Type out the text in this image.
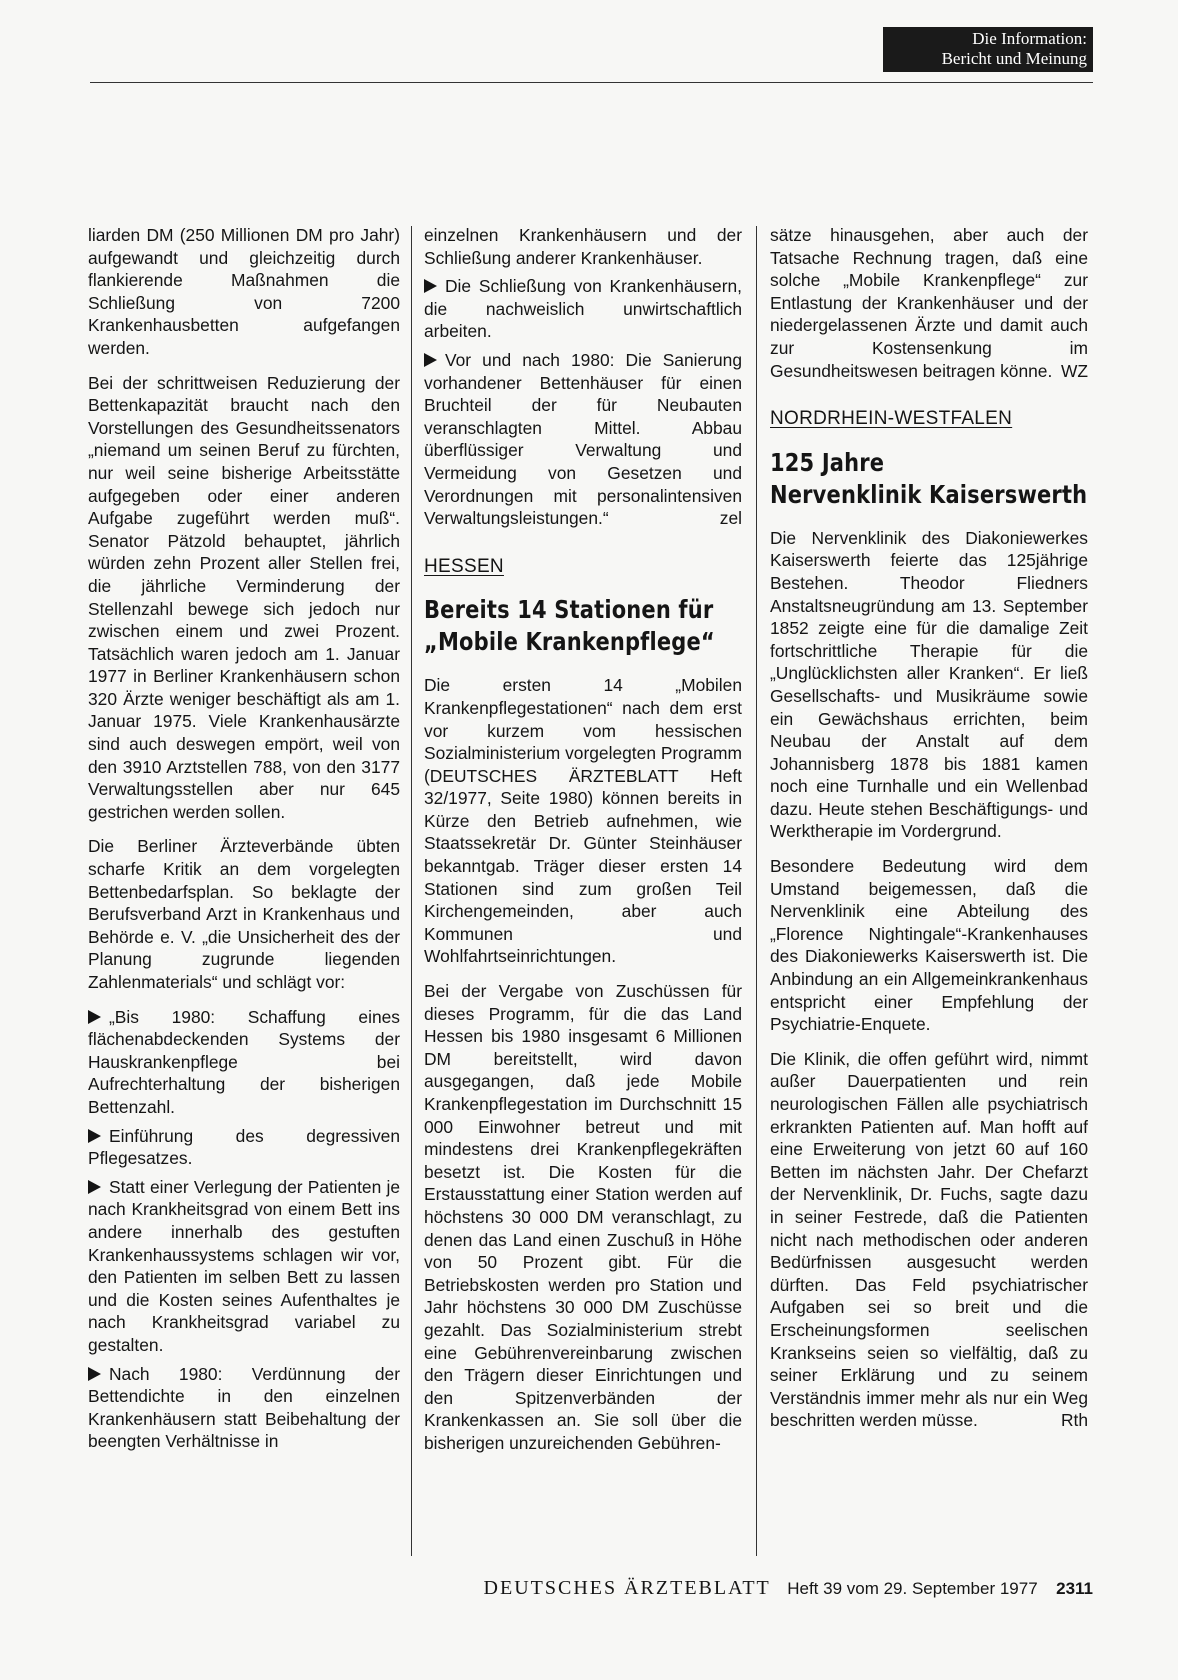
Die Information:
Bericht und Meinung

liarden DM (250 Millionen DM pro Jahr) aufgewandt und gleichzeitig durch flankierende Maßnahmen die Schließung von 7200 Krankenhausbetten aufgefangen werden.

Bei der schrittweisen Reduzierung der Bettenkapazität braucht nach den Vorstellungen des Gesundheitssenators „niemand um seinen Beruf zu fürchten, nur weil seine bisherige Arbeitsstätte aufgegeben oder einer anderen Aufgabe zugeführt werden muß“. Senator Pätzold behauptet, jährlich würden zehn Prozent aller Stellen frei, die jährliche Verminderung der Stellenzahl bewege sich jedoch nur zwischen einem und zwei Prozent. Tatsächlich waren jedoch am 1. Januar 1977 in Berliner Krankenhäusern schon 320 Ärzte weniger beschäftigt als am 1. Januar 1975. Viele Krankenhausärzte sind auch deswegen empört, weil von den 3910 Arztstellen 788, von den 3177 Verwaltungsstellen aber nur 645 gestrichen werden sollen.

Die Berliner Ärzteverbände übten scharfe Kritik an dem vorgelegten Bettenbedarfsplan. So beklagte der Berufsverband Arzt in Krankenhaus und Behörde e. V. „die Unsicherheit des der Planung zugrunde liegenden Zahlenmaterials“ und schlägt vor:

„Bis 1980: Schaffung eines flächenabdeckenden Systems der Hauskrankenpflege bei Aufrechterhaltung der bisherigen Bettenzahl.

Einführung des degressiven Pflegesatzes.

Statt einer Verlegung der Patienten je nach Krankheitsgrad von einem Bett ins andere innerhalb des gestuften Krankenhaussystems schlagen wir vor, den Patienten im selben Bett zu lassen und die Kosten seines Aufenthaltes je nach Krankheitsgrad variabel zu gestalten.

Nach 1980: Verdünnung der Bettendichte in den einzelnen Krankenhäusern statt Beibehaltung der beengten Verhältnisse in

einzelnen Krankenhäusern und der Schließung anderer Krankenhäuser.

Die Schließung von Krankenhäusern, die nachweislich unwirtschaftlich arbeiten.

Vor und nach 1980: Die Sanierung vorhandener Bettenhäuser für einen Bruchteil der für Neubauten veranschlagten Mittel. Abbau überflüssiger Verwaltung und Vermeidung von Gesetzen und Verordnungen mit personalintensiven Verwaltungsleistungen.“	zel

HESSEN
Bereits 14 Stationen für
„Mobile Krankenpflege“

Die ersten 14 „Mobilen Krankenpflegestationen“ nach dem erst vor kurzem vom hessischen Sozialministerium vorgelegten Programm (DEUTSCHES ÄRZTEBLATT Heft 32/1977, Seite 1980) können bereits in Kürze den Betrieb aufnehmen, wie Staatssekretär Dr. Günter Steinhäuser bekanntgab. Träger dieser ersten 14 Stationen sind zum großen Teil Kirchengemeinden, aber auch Kommunen und Wohlfahrtseinrichtungen.

Bei der Vergabe von Zuschüssen für dieses Programm, für die das Land Hessen bis 1980 insgesamt 6 Millionen DM bereitstellt, wird davon ausgegangen, daß jede Mobile Krankenpflegestation im Durchschnitt 15 000 Einwohner betreut und mit mindestens drei Krankenpflegekräften besetzt ist. Die Kosten für die Erstausstattung einer Station werden auf höchstens 30 000 DM veranschlagt, zu denen das Land einen Zuschuß in Höhe von 50 Prozent gibt. Für die Betriebskosten werden pro Station und Jahr höchstens 30 000 DM Zuschüsse gezahlt. Das Sozialministerium strebt eine Gebührenvereinbarung zwischen den Trägern dieser Einrichtungen und den Spitzenverbänden der Krankenkassen an. Sie soll über die bisherigen unzureichenden Gebühren-

sätze hinausgehen, aber auch der Tatsache Rechnung tragen, daß eine solche „Mobile Krankenpflege“ zur Entlastung der Krankenhäuser und der niedergelassenen Ärzte und damit auch zur Kostensenkung im Gesundheitswesen beitragen könne. WZ

NORDRHEIN-WESTFALEN
125 Jahre
Nervenklinik Kaiserswerth

Die Nervenklinik des Diakoniewerkes Kaiserswerth feierte das 125jährige Bestehen. Theodor Fliedners Anstaltsneugründung am 13. September 1852 zeigte eine für die damalige Zeit fortschrittliche Therapie für die „Unglücklichsten aller Kranken“. Er ließ Gesellschafts- und Musikräume sowie ein Gewächshaus errichten, beim Neubau der Anstalt auf dem Johannisberg 1878 bis 1881 kamen noch eine Turnhalle und ein Wellenbad dazu. Heute stehen Beschäftigungs- und Werktherapie im Vordergrund.

Besondere Bedeutung wird dem Umstand beigemessen, daß die Nervenklinik eine Abteilung des „Florence Nightingale“-Krankenhauses des Diakoniewerks Kaiserswerth ist. Die Anbindung an ein Allgemeinkrankenhaus entspricht einer Empfehlung der Psychiatrie-Enquete.

Die Klinik, die offen geführt wird, nimmt außer Dauerpatienten und rein neurologischen Fällen alle psychiatrisch erkrankten Patienten auf. Man hofft auf eine Erweiterung von jetzt 60 auf 160 Betten im nächsten Jahr. Der Chefarzt der Nervenklinik, Dr. Fuchs, sagte dazu in seiner Festrede, daß die Patienten nicht nach methodischen oder anderen Bedürfnissen ausgesucht werden dürften. Das Feld psychiatrischer Aufgaben sei so breit und die Erscheinungsformen seelischen Krankseins seien so vielfältig, daß zu seiner Erklärung und zu seinem Verständnis immer mehr als nur ein Weg beschritten werden müsse.	Rth

DEUTSCHES ÄRZTEBLATT Heft 39 vom 29. September 1977 2311
